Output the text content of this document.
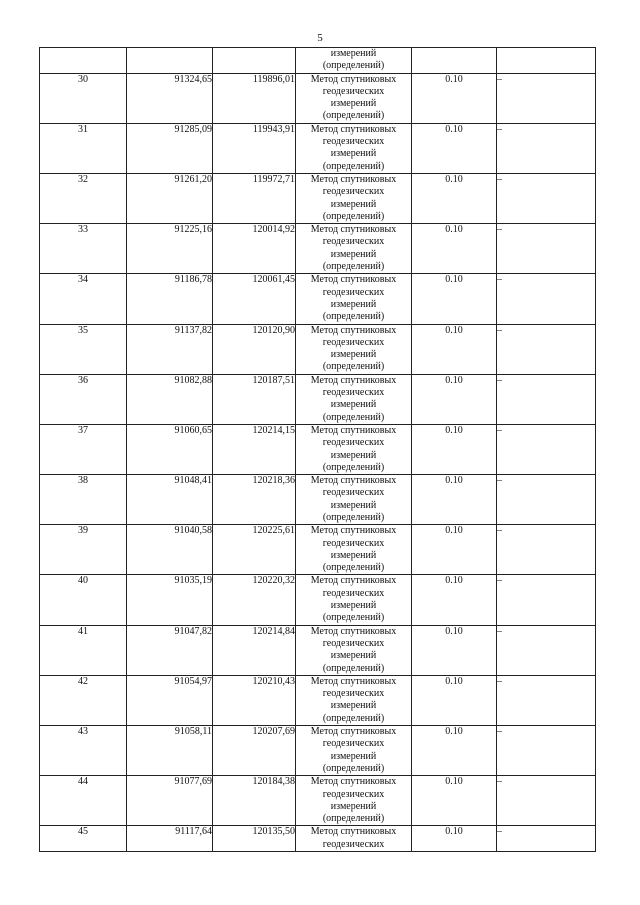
5

			измерений
(определений)		

30	91324,65	119896,01	Метод спутниковых
геодезических
измерений
(определений)	0.10	–
31	91285,09	119943,91	Метод спутниковых
геодезических
измерений
(определений)	0.10	–
32	91261,20	119972,71	Метод спутниковых
геодезических
измерений
(определений)	0.10	–
33	91225,16	120014,92	Метод спутниковых
геодезических
измерений
(определений)	0.10	–
34	91186,78	120061,45	Метод спутниковых
геодезических
измерений
(определений)	0.10	–
35	91137,82	120120,90	Метод спутниковых
геодезических
измерений
(определений)	0.10	–
36	91082,88	120187,51	Метод спутниковых
геодезических
измерений
(определений)	0.10	–
37	91060,65	120214,15	Метод спутниковых
геодезических
измерений
(определений)	0.10	–
38	91048,41	120218,36	Метод спутниковых
геодезических
измерений
(определений)	0.10	–
39	91040,58	120225,61	Метод спутниковых
геодезических
измерений
(определений)	0.10	–
40	91035,19	120220,32	Метод спутниковых
геодезических
измерений
(определений)	0.10	–
41	91047,82	120214,84	Метод спутниковых
геодезических
измерений
(определений)	0.10	–
42	91054,97	120210,43	Метод спутниковых
геодезических
измерений
(определений)	0.10	–
43	91058,11	120207,69	Метод спутниковых
геодезических
измерений
(определений)	0.10	–
44	91077,69	120184,38	Метод спутниковых
геодезических
измерений
(определений)	0.10	–
45	91117,64	120135,50	Метод спутниковых
геодезических	0.10	–
